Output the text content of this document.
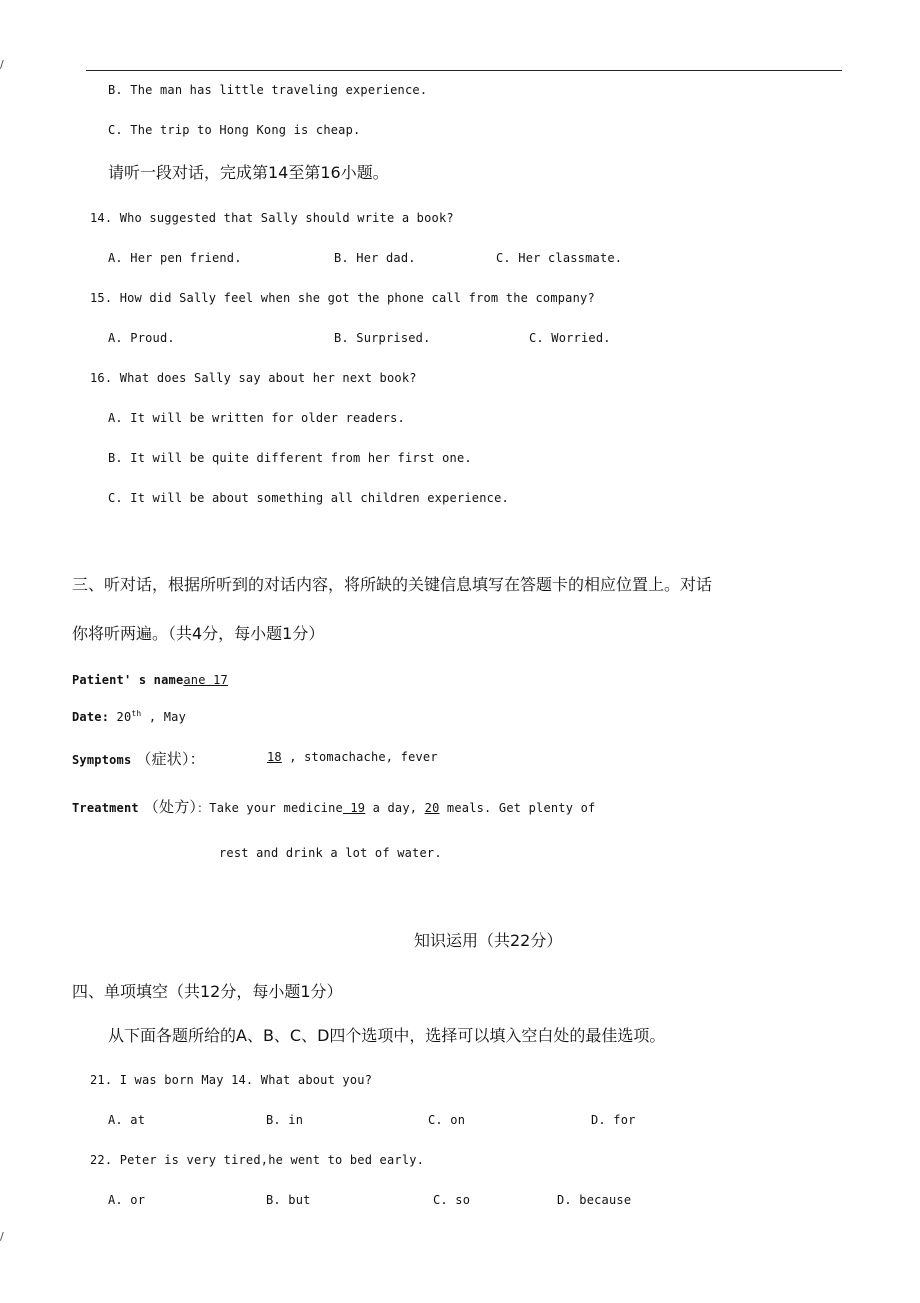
/
/
B. The man has little traveling experience.
C. The trip to Hong Kong is cheap.
请听一段对话，完成第14至第16小题。
14. Who suggested that Sally should write a book?
A. Her pen friend.	B. Her dad.	C. Her classmate.
15. How did Sally feel when she got the phone call from the company?
A. Proud.	B. Surprised.	C. Worried.
16. What does Sally say about her next book?
A. It will be written for older readers.
B. It will be quite different from her first one.
C. It will be about something all children experience.
三、听对话，根据所听到的对话内容，将所缺的关键信息填写在答题卡的相应位置上。对话
你将听两遍。（共4分，每小题1分）
Patient' s nameane 17
Date: 20th , May
Symptoms （症状）：	18 , stomachache, fever
Treatment （处方）：Take your medicine 19 a day, 20 meals. Get plenty of
rest and drink a lot of water.
知识运用（共22分）
四、单项填空（共12分，每小题1分）
从下面各题所给的A、B、C、D四个选项中，选择可以填入空白处的最佳选项。
21. I was born May 14. What about you?
A. at	B. in	C. on	D. for
22. Peter is very tired,he went to bed early.
A. or	B. but	C. so	D. because
